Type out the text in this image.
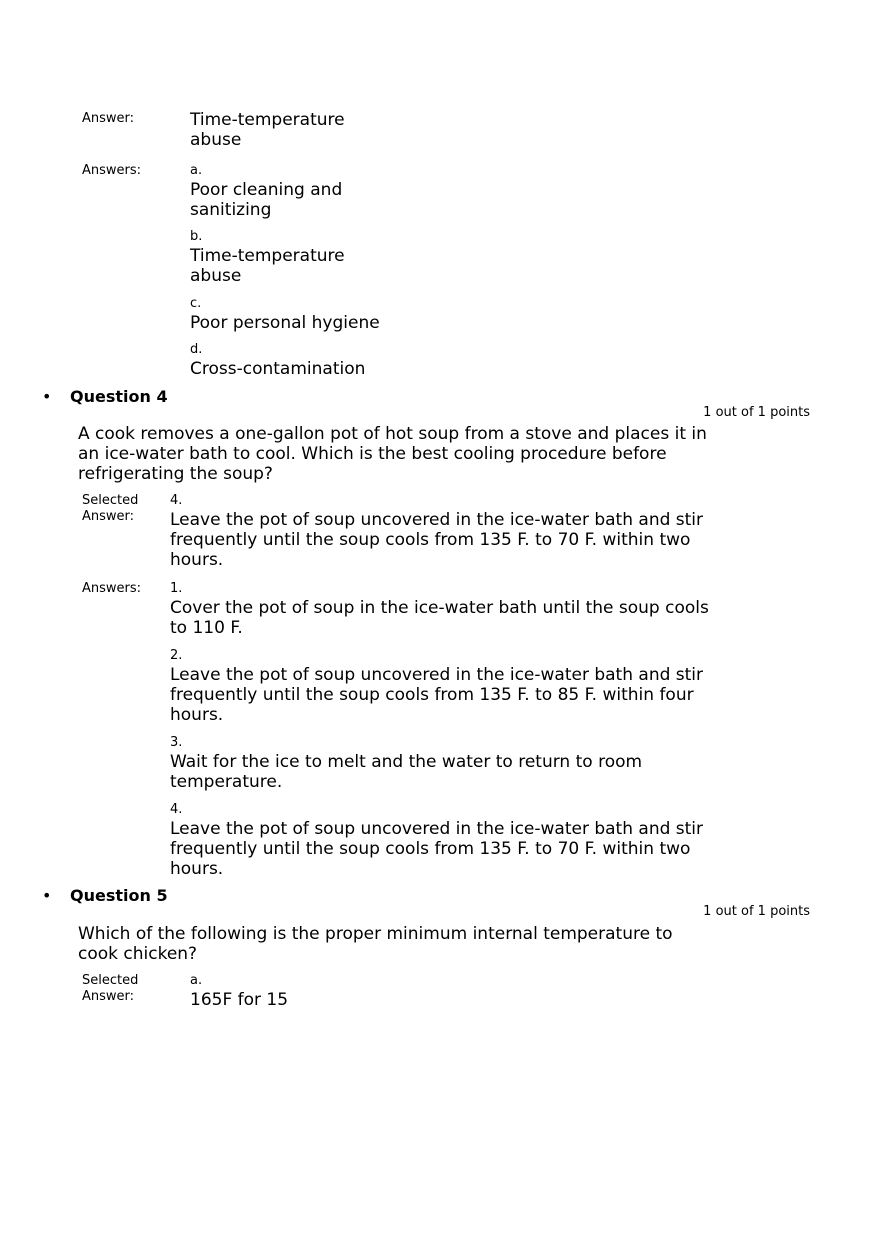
Answer:	Time-temperature
abuse
Answers:	a.
Poor cleaning and
sanitizing
b.
Time-temperature
abuse
c.
Poor personal hygiene
d.
Cross-contamination
• Question 4
1 out of 1 points
A cook removes a one-gallon pot of hot soup from a stove and places it in
an ice-water bath to cool. Which is the best cooling procedure before
refrigerating the soup?
Selected
Answer:
4.
Leave the pot of soup uncovered in the ice-water bath and stir
frequently until the soup cools from 135 F. to 70 F. within two
hours.
Answers: 1.
Cover the pot of soup in the ice-water bath until the soup cools
to 110 F.
2.
Leave the pot of soup uncovered in the ice-water bath and stir
frequently until the soup cools from 135 F. to 85 F. within four
hours.
3.
Wait for the ice to melt and the water to return to room
temperature.
4.
Leave the pot of soup uncovered in the ice-water bath and stir
frequently until the soup cools from 135 F. to 70 F. within two
hours.
• Question 5
1 out of 1 points
Which of the following is the proper minimum internal temperature to
cook chicken?
Selected
Answer:
a.
165F for 15
